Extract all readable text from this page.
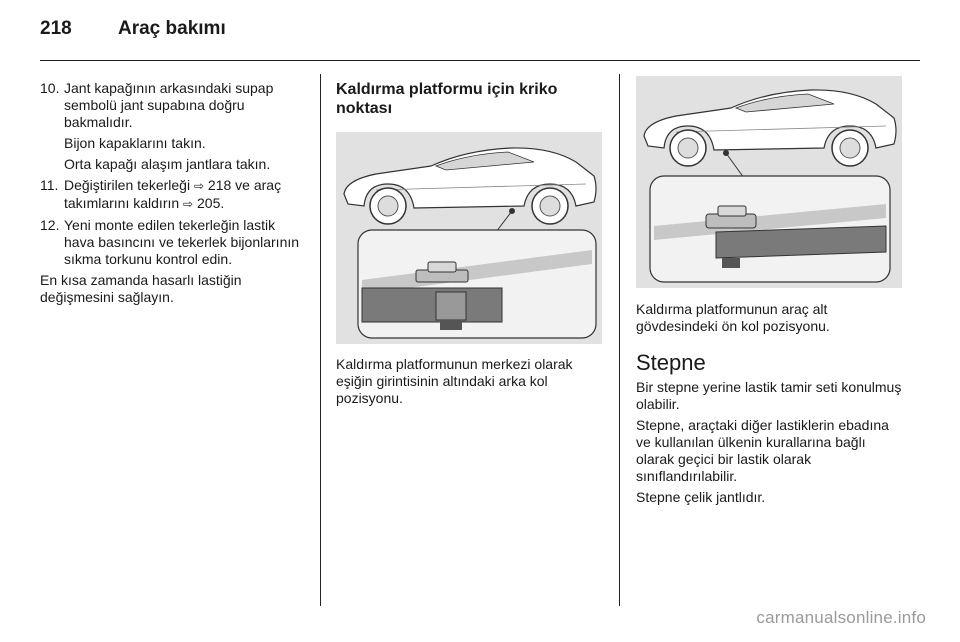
218 Araç bakımı
10. Jant kapağının arkasındaki supap sembolü jant supabına doğru bakmalıdır.
Bijon kapaklarını takın.
Orta kapağı alaşım jantlara takın.
11. Değiştirilen tekerleği ⇨ 218 ve araç takımlarını kaldırın ⇨ 205.
12. Yeni monte edilen tekerleğin lastik hava basıncını ve tekerlek bijonlarının sıkma torkunu kontrol edin.
En kısa zamanda hasarlı lastiğin değişmesini sağlayın.
Kaldırma platformu için kriko noktası
Kaldırma platformunun merkezi olarak eşiğin girintisinin altındaki arka kol pozisyonu.
Kaldırma platformunun araç alt gövdesindeki ön kol pozisyonu.
Stepne
Bir stepne yerine lastik tamir seti konulmuş olabilir.
Stepne, araçtaki diğer lastiklerin ebadına ve kullanılan ülkenin kurallarına bağlı olarak geçici bir lastik olarak sınıflandırılabilir.
Stepne çelik jantlıdır.
carmanualsonline.info
